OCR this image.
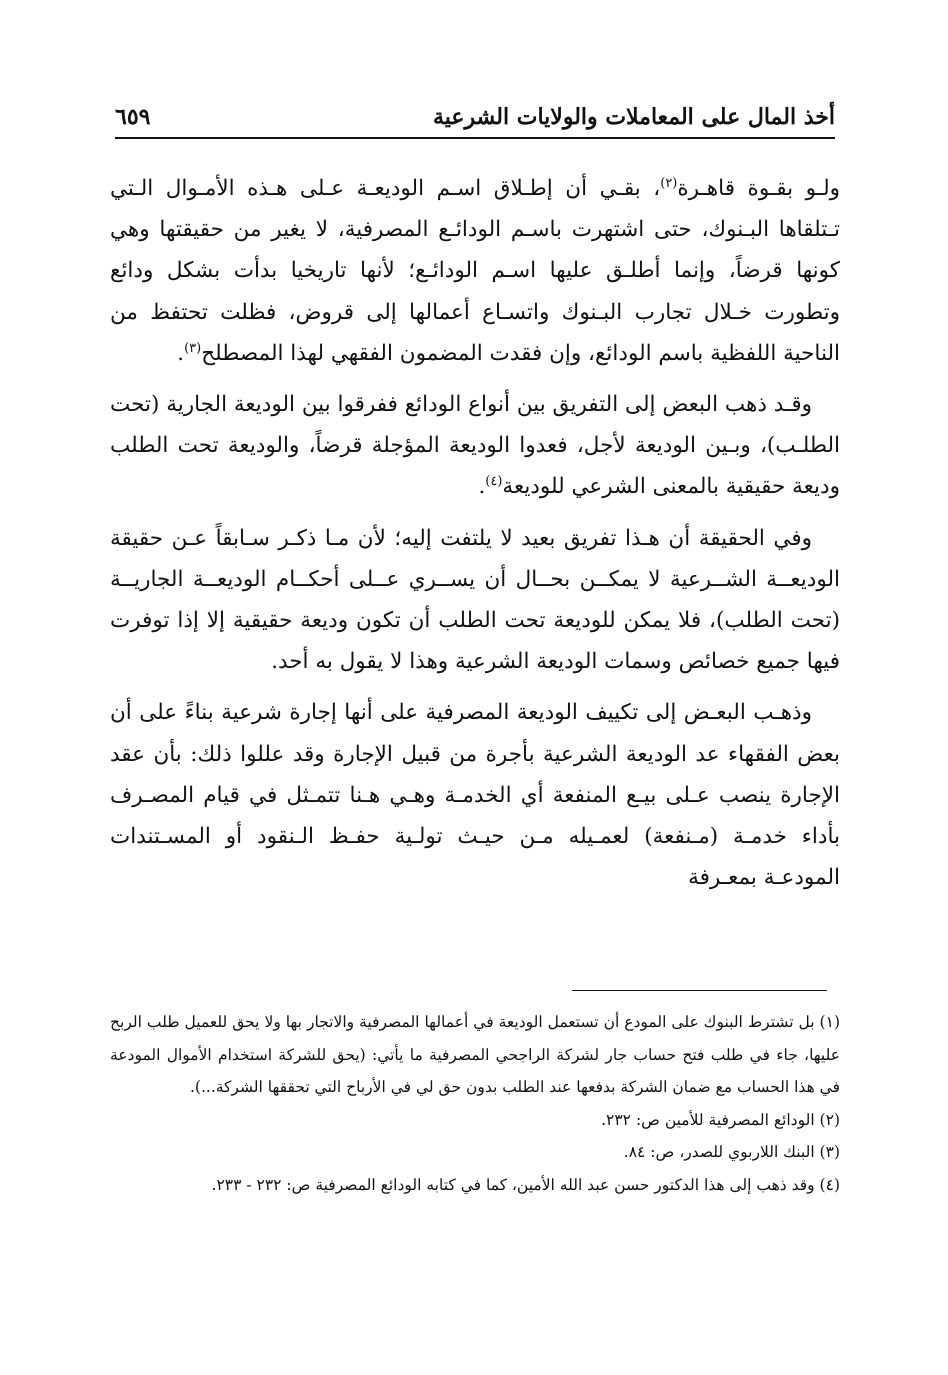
أخذ المال على المعاملات والولايات الشرعية
٦٥٩

ولـو بقـوة قاهـرة$^{(٢)}$، بقـي أن إطـلاق اسـم الوديعـة عـلى هـذه الأمـوال الـتي تـتلقاها البـنوك، حتى اشتهرت باسـم الودائـع المصرفية، لا يغير من حقيقتها وهي كونها قرضاً، وإنما أطلـق عليها اسـم الودائـع؛ لأنها تاريخيا بدأت بشكل ودائع وتطورت خـلال تجارب البـنوك واتسـاع أعمالها إلى قروض، فظلت تحتفظ من الناحية اللفظية باسم الودائع، وإن فقدت المضمون الفقهي لهذا المصطلح$^{(٣)}$.

وقـد ذهب البعض إلى التفريق بين أنواع الودائع ففرقوا بين الوديعة الجارية (تحت الطلـب)، وبـين الوديعة لأجل، فعدوا الوديعة المؤجلة قرضاً، والوديعة تحت الطلب وديعة حقيقية بالمعنى الشرعي للوديعة$^{(٤)}$.

وفي الحقيقة أن هـذا تفريق بعيد لا يلتفت إليه؛ لأن مـا ذكـر سـابقاً عـن حقيقة الوديعــة الشــرعية لا يمكــن بحــال أن يســري عــلى أحكــام الوديعــة الجاريــة (تحت الطلب)، فلا يمكن للوديعة تحت الطلب أن تكون وديعة حقيقية إلا إذا توفرت فيها جميع خصائص وسمات الوديعة الشرعية وهذا لا يقول به أحد.

وذهـب البعـض إلى تكييف الوديعة المصرفية على أنها إجارة شرعية بناءً على أن بعض الفقهاء عد الوديعة الشرعية بأجرة من قبيل الإجارة وقد عللوا ذلك: بأن عقد الإجارة ينصب عـلى بيـع المنفعة أي الخدمـة وهـي هـنا تتمـثل في قيام المصـرف بأداء خدمـة (مـنفعة) لعمـيله مـن حيـث تولـية حفـظ الـنقود أو المسـتندات المودعـة بمعـرفة

(١) بل تشترط البنوك على المودع أن تستعمل الوديعة في أعمالها المصرفية والاتجار بها ولا يحق للعميل طلب الربح عليها، جاء في طلب فتح حساب جار لشركة الراجحي المصرفية ما يأتي: (يحق للشركة استخدام الأموال المودعة في هذا الحساب مع ضمان الشركة بدفعها عند الطلب بدون حق لي في الأرباح التي تحققها الشركة...).

(٢) الودائع المصرفية للأمين ص: ٢٣٢.

(٣) البنك اللاربوي للصدر، ص: ٨٤.

(٤) وقد ذهب إلى هذا الدكتور حسن عبد الله الأمين، كما في كتابه الودائع المصرفية ص: ٢٣٢ - ٢٣٣.
